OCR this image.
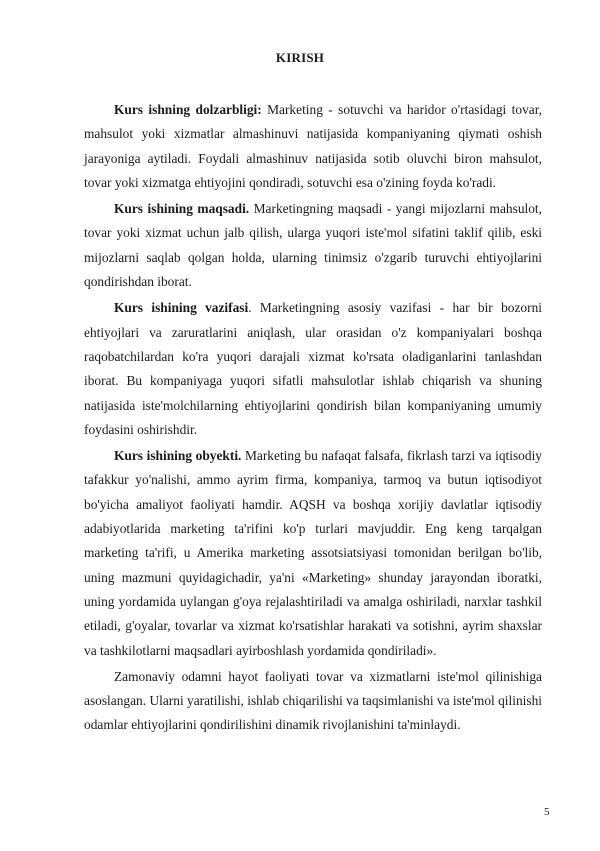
KIRISH

Kurs ishning dolzarbligi: Marketing - sotuvchi va haridor o'rtasidagi tovar, mahsulot yoki xizmatlar almashinuvi natijasida kompaniyaning qiymati oshish jarayoniga aytiladi. Foydali almashinuv natijasida sotib oluvchi biron mahsulot, tovar yoki xizmatga ehtiyojini qondiradi, sotuvchi esa o'zining foyda ko'radi.

Kurs ishining maqsadi. Marketingning maqsadi - yangi mijozlarni mahsulot, tovar yoki xizmat uchun jalb qilish, ularga yuqori iste'mol sifatini taklif qilib, eski mijozlarni saqlab qolgan holda, ularning tinimsiz o'zgarib turuvchi ehtiyojlarini qondirishdan iborat.

Kurs ishining vazifasi. Marketingning asosiy vazifasi - har bir bozorni ehtiyojlari va zaruratlarini aniqlash, ular orasidan o'z kompaniyalari boshqa raqobatchilardan ko'ra yuqori darajali xizmat ko'rsata oladiganlarini tanlashdan iborat. Bu kompaniyaga yuqori sifatli mahsulotlar ishlab chiqarish va shuning natijasida iste'molchilarning ehtiyojlarini qondirish bilan kompaniyaning umumiy foydasini oshirishdir.

Kurs ishining obyekti. Marketing bu nafaqat falsafa, fikrlash tarzi va iqtisodiy tafakkur yo'nalishi, ammo ayrim firma, kompaniya, tarmoq va butun iqtisodiyot bo'yicha amaliyot faoliyati hamdir. AQSH va boshqa xorijiy davlatlar iqtisodiy adabiyotlarida marketing ta'rifini ko'p turlari mavjuddir. Eng keng tarqalgan marketing ta'rifi, u Amerika marketing assotsiatsiyasi tomonidan berilgan bo'lib, uning mazmuni quyidagichadir, ya'ni «Marketing» shunday jarayondan iboratki, uning yordamida uylangan g'oya rejalashtiriladi va amalga oshiriladi, narxlar tashkil etiladi, g'oyalar, tovarlar va xizmat ko'rsatishlar harakati va sotishni, ayrim shaxslar va tashkilotlarni maqsadlari ayirboshlash yordamida qondiriladi».

Zamonaviy odamni hayot faoliyati tovar va xizmatlarni iste'mol qilinishiga asoslangan. Ularni yaratilishi, ishlab chiqarilishi va taqsimlanishi va iste'mol qilinishi odamlar ehtiyojlarini qondirilishini dinamik rivojlanishini ta'minlaydi.

5
